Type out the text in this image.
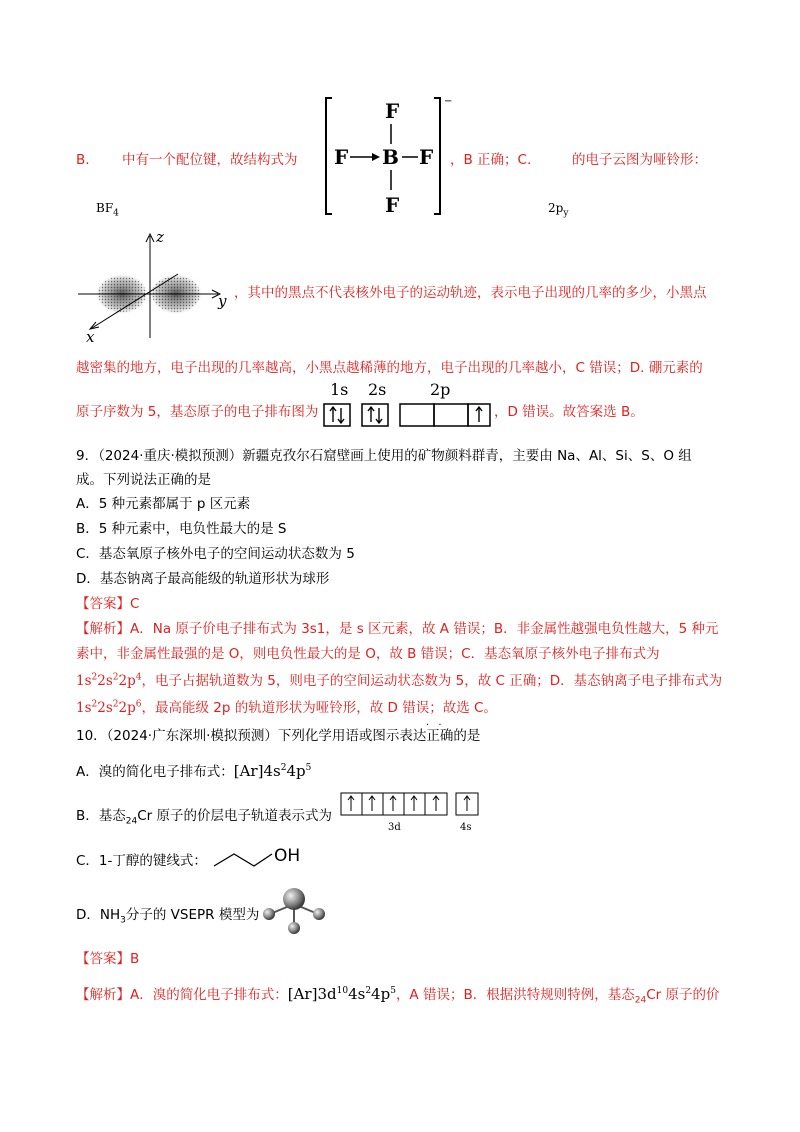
B. 中有一个配位键，故结构式为
$BF_4$
F
F B F
F
−
，B 正确；C.	的电子云图为哑铃形：
$2p_y$
z
y
x
，其中的黑点不代表核外电子的运动轨迹，表示电子出现的几率的多少，小黑点
越密集的地方，电子出现的几率越高，小黑点越稀薄的地方，电子出现的几率越小，C 错误；D. 硼元素的
原子序数为 5，基态原子的电子排布图为
1s 2s	2p
，D 错误。故答案选 B。
9．（2024·重庆·模拟预测）新疆克孜尔石窟壁画上使用的矿物颜料群青，主要由 Na、Al、Si、S、O 组
成。下列说法正确的是
A．5 种元素都属于 p 区元素
B．5 种元素中，电负性最大的是 S
C．基态氧原子核外电子的空间运动状态数为 5
D．基态钠离子最高能级的轨道形状为球形
【答案】C
【解析】A．Na 原子价电子排布式为 3s1，是 s 区元素，故 A 错误；B．非金属性越强电负性越大，5 种元
素中，非金属性最强的是 O，则电负性最大的是 O，故 B 错误；C．基态氧原子核外电子排布式为
$1s^22s^22p^4$，电子占据轨道数为 5，则电子的空间运动状态数为 5，故 C 正确；D．基态钠离子电子排布式为
$1s^22s^22p^6$，最高能级 2p 的轨道形状为哑铃形，故 D 错误；故选 C。
10．（2024·广东深圳·模拟预测）下列化学用语或图示表达正确的是
· ·
A．溴的简化电子排布式：$[Ar]4s^24p^5$
B．基态$_{24}$Cr 原子的价层电子轨道表示式为
3d	4s
C．1-丁醇的键线式：	OH
D．$NH_3$分子的 VSEPR 模型为
【答案】B
【解析】A．溴的简化电子排布式：$[Ar]3d^{10}4s^24p^5$，A 错误；B．根据洪特规则特例，基态$_{24}$Cr 原子的价
